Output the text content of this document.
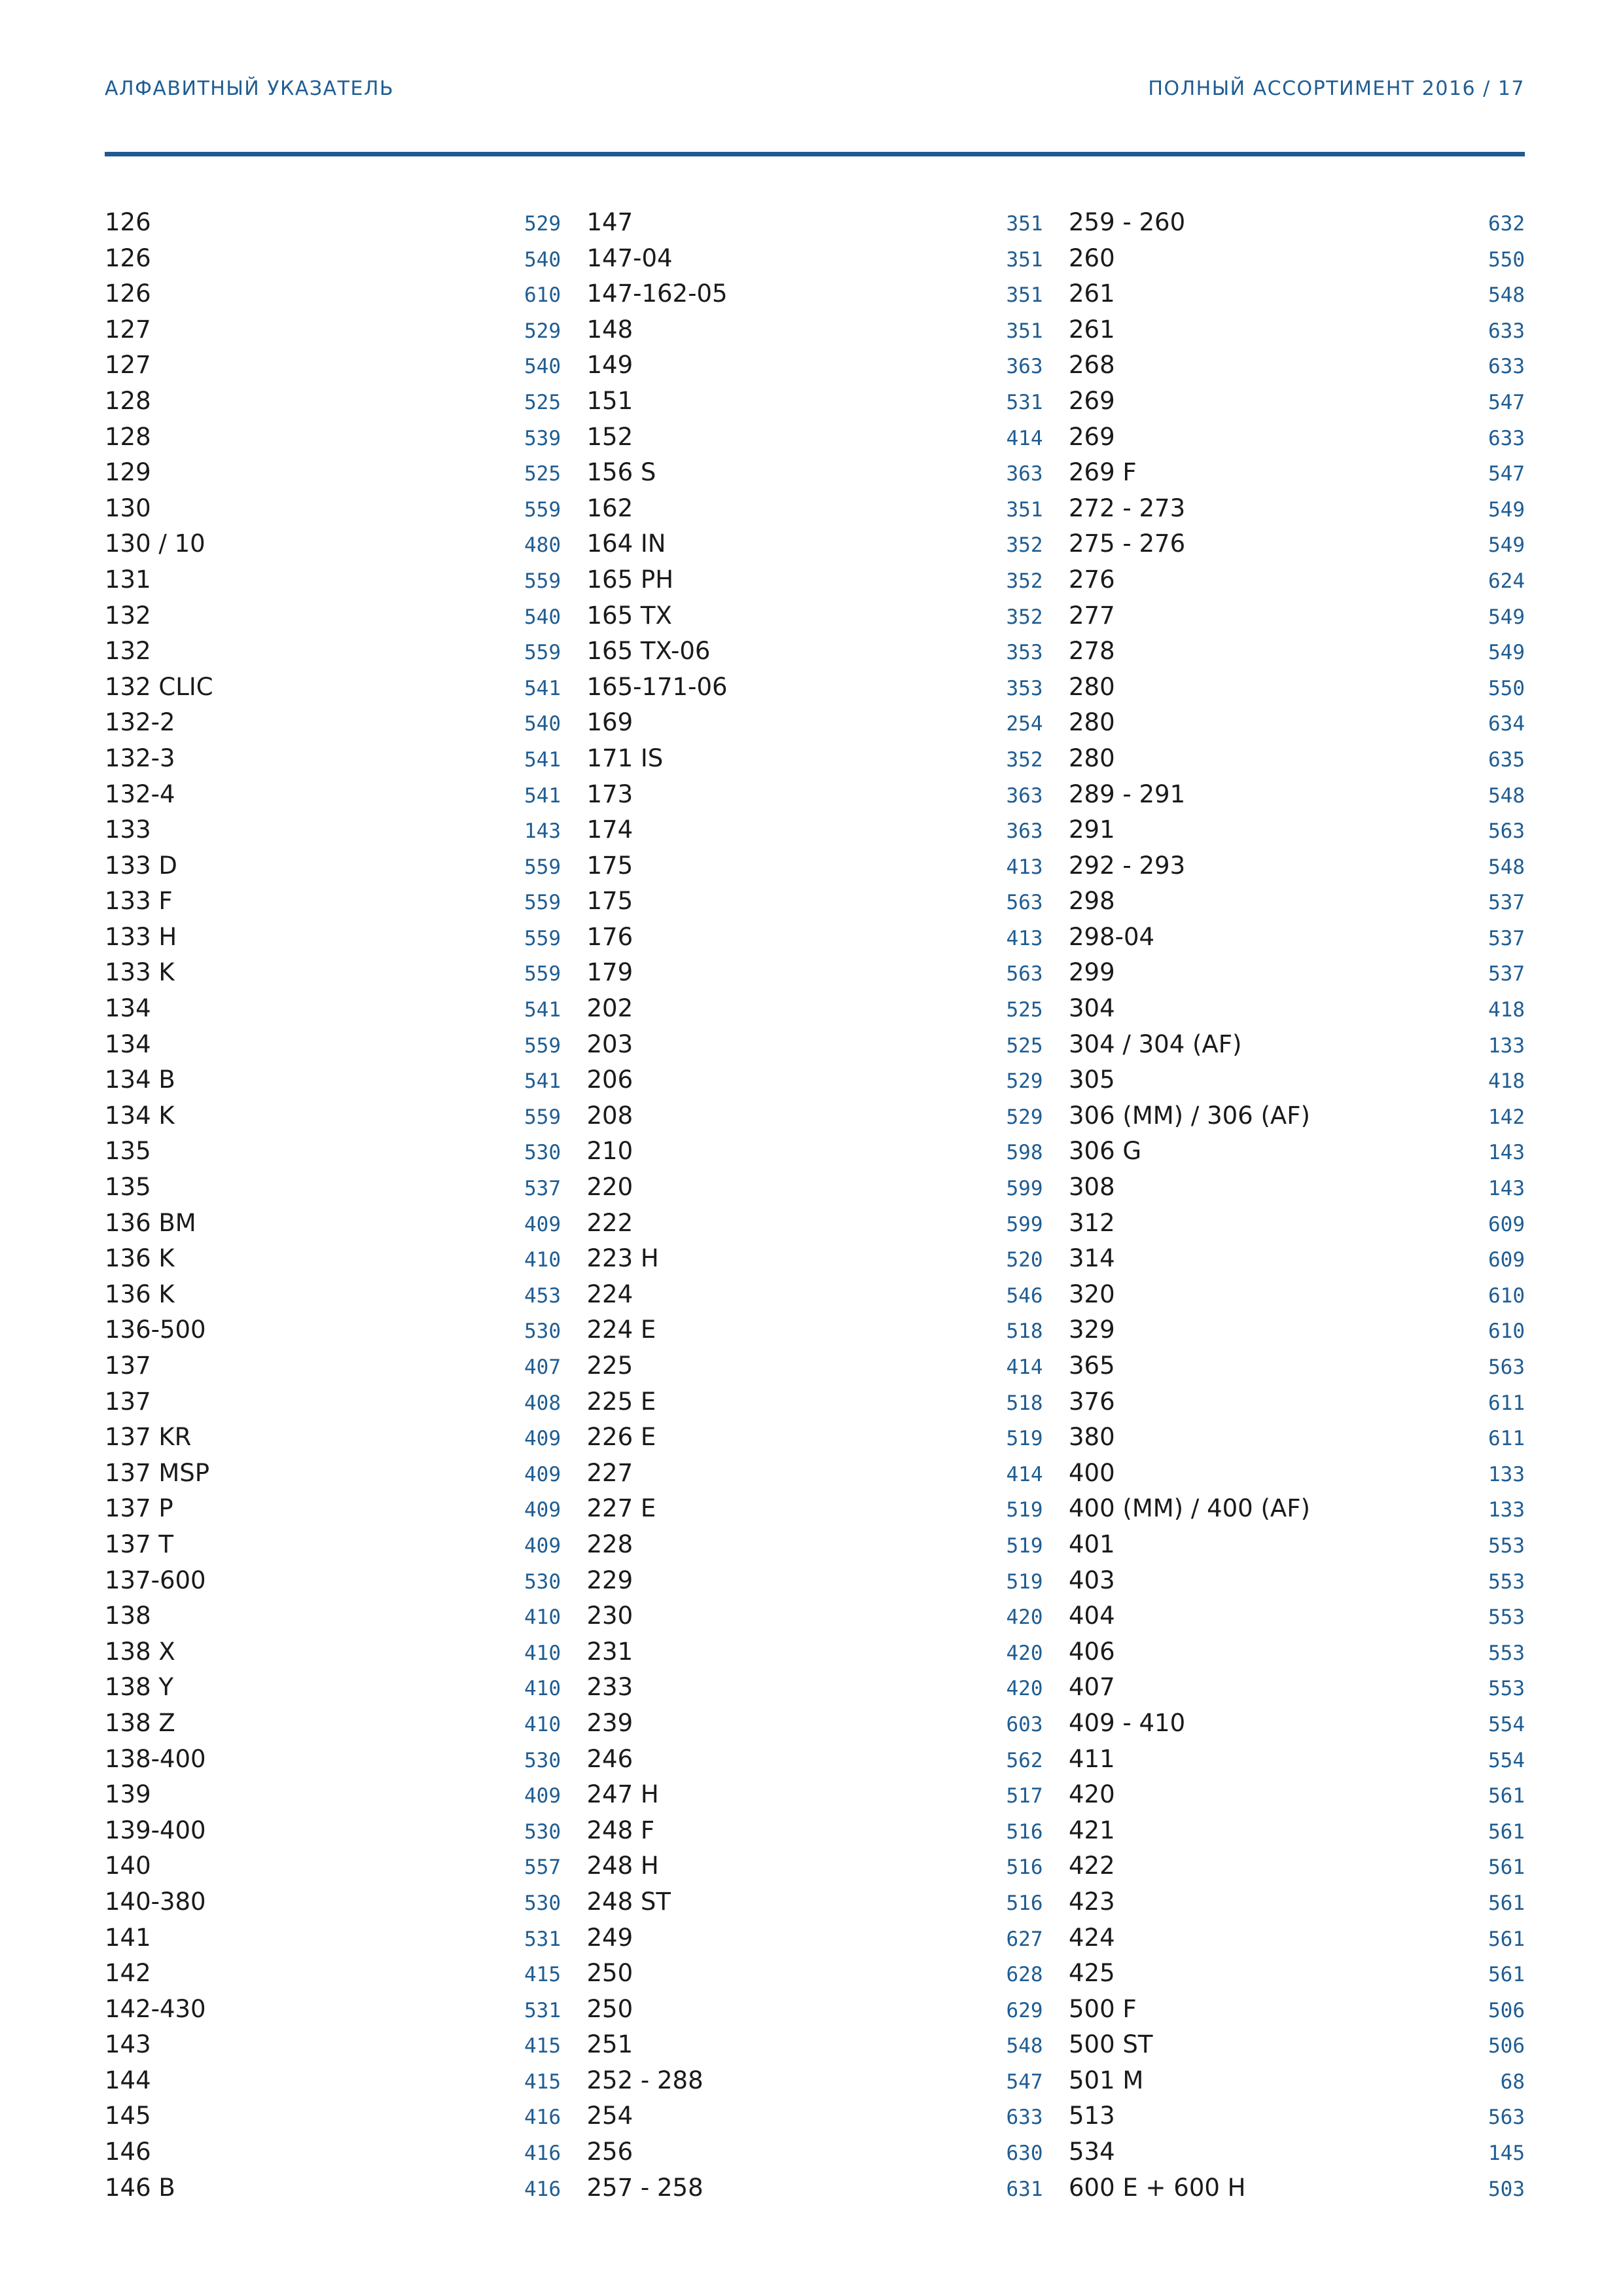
АЛФАВИТНЫЙ УКАЗАТЕЛЬ	ПОЛНЫЙ АССОРТИМЕНТ 2016 / 17
126	529
126	540
126	610
127	529
127	540
128	525
128	539
129	525
130	559
130 / 10	480
131	559
132	540
132	559
132 CLIC	541
132-2	540
132-3	541
132-4	541
133	143
133 D	559
133 F	559
133 H	559
133 K	559
134	541
134	559
134 B	541
134 K	559
135	530
135	537
136 BM	409
136 K	410
136 K	453
136-500	530
137	407
137	408
137 KR	409
137 MSP	409
137 P	409
137 T	409
137-600	530
138	410
138 X	410
138 Y	410
138 Z	410
138-400	530
139	409
139-400	530
140	557
140-380	530
141	531
142	415
142-430	531
143	415
144	415
145	416
146	416
146 B	416
147	351
147-04	351
147-162-05	351
148	351
149	363
151	531
152	414
156 S	363
162	351
164 IN	352
165 PH	352
165 TX	352
165 TX-06	353
165-171-06	353
169	254
171 IS	352
173	363
174	363
175	413
175	563
176	413
179	563
202	525
203	525
206	529
208	529
210	598
220	599
222	599
223 H	520
224	546
224 E	518
225	414
225 E	518
226 E	519
227	414
227 E	519
228	519
229	519
230	420
231	420
233	420
239	603
246	562
247 H	517
248 F	516
248 H	516
248 ST	516
249	627
250	628
250	629
251	548
252 - 288	547
254	633
256	630
257 - 258	631
259 - 260	632
260	550
261	548
261	633
268	633
269	547
269	633
269 F	547
272 - 273	549
275 - 276	549
276	624
277	549
278	549
280	550
280	634
280	635
289 - 291	548
291	563
292 - 293	548
298	537
298-04	537
299	537
304	418
304 / 304 (AF)	133
305	418
306 (MM) / 306 (AF)	142
306 G	143
308	143
312	609
314	609
320	610
329	610
365	563
376	611
380	611
400	133
400 (MM) / 400 (AF)	133
401	553
403	553
404	553
406	553
407	553
409 - 410	554
411	554
420	561
421	561
422	561
423	561
424	561
425	561
500 F	506
500 ST	506
501 M	68
513	563
534	145
600 E + 600 H	503
